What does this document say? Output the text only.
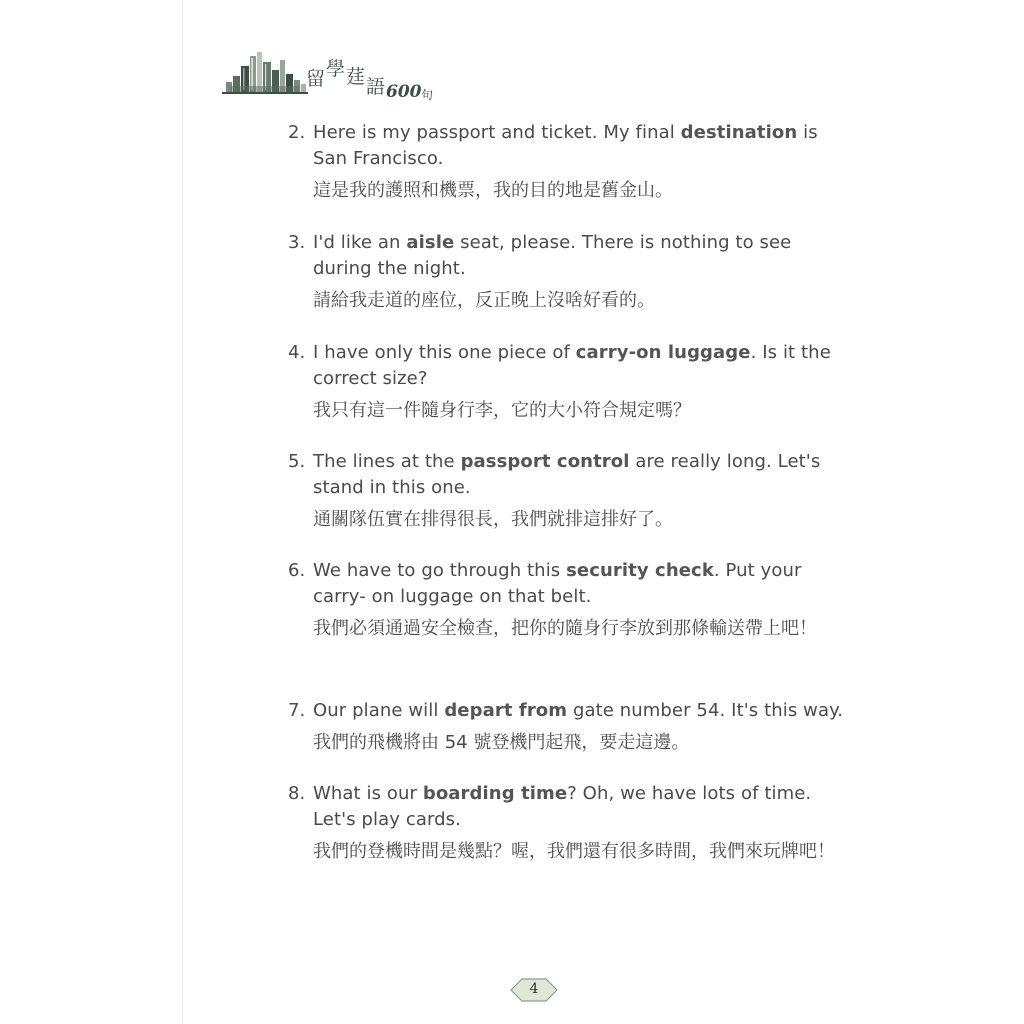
留 學 莛 語 600 句
2. Here is my passport and ticket. My final destination is San Francisco.
這是我的護照和機票，我的目的地是舊金山。
3. I'd like an aisle seat, please. There is nothing to see during the night.
請給我走道的座位，反正晚上沒啥好看的。
4. I have only this one piece of carry-on luggage. Is it the correct size?
我只有這一件隨身行李，它的大小符合規定嗎？
5. The lines at the passport control are really long. Let's stand in this one.
通關隊伍實在排得很長，我們就排這排好了。
6. We have to go through this security check. Put your carry- on luggage on that belt.
我們必須通過安全檢查，把你的隨身行李放到那條輸送帶上吧！
7. Our plane will depart from gate number 54. It's this way.
我們的飛機將由 54 號登機門起飛，要走這邊。
8. What is our boarding time? Oh, we have lots of time. Let's play cards.
我們的登機時間是幾點？喔，我們還有很多時間，我們來玩牌吧！
4
